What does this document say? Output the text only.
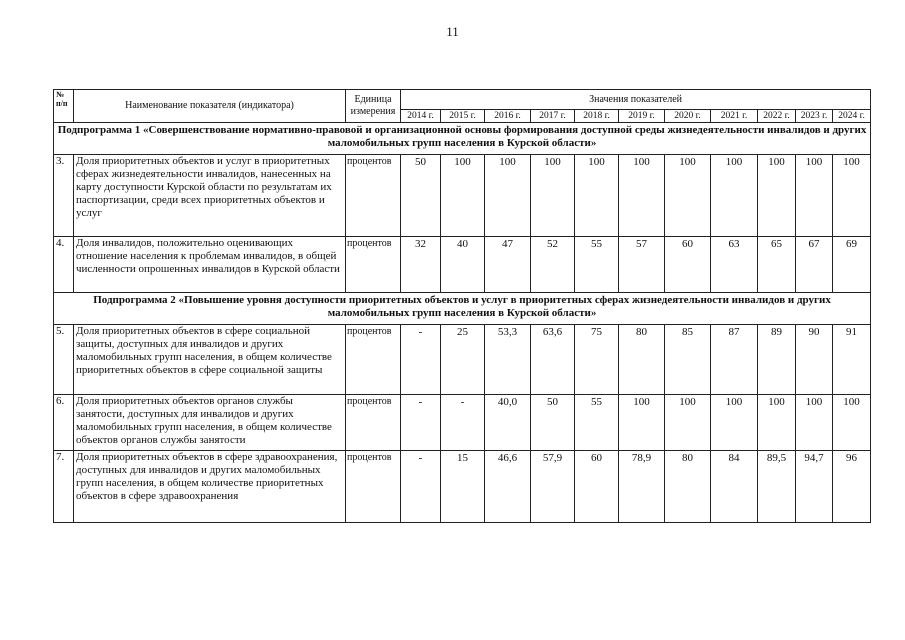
11
№ п/п	Наименование показателя (индикатора)	Единица измерения	Значения показателей										
			2014 г.	2015 г.	2016 г.	2017 г.	2018 г.	2019 г.	2020 г.	2021 г.	2022 г.	2023 г.	2024 г.
Подпрограмма 1 «Совершенствование нормативно-правовой и организационной основы формирования доступной среды жизнедеятельности инвалидов и других маломобильных групп населения в Курской области»													
3.	Доля приоритетных объектов и услуг в приоритетных сферах жизнедеятельности инвалидов, нанесенных на карту доступности Курской области по результатам их паспортизации, среди всех приоритетных объектов и услуг	процентов	50	100	100	100	100	100	100	100	100	100	100
4.	Доля инвалидов, положительно оценивающих отношение населения к проблемам инвалидов, в общей численности опрошенных инвалидов в Курской области	процентов	32	40	47	52	55	57	60	63	65	67	69
Подпрограмма 2 «Повышение уровня доступности приоритетных объектов и услуг в приоритетных сферах жизнедеятельности инвалидов и других маломобильных групп населения в Курской области»													
5.	Доля приоритетных объектов в сфере социальной защиты, доступных для инвалидов и других маломобильных групп населения, в общем количестве приоритетных объектов в сфере социальной защиты	процентов	-	25	53,3	63,6	75	80	85	87	89	90	91
6.	Доля приоритетных объектов органов службы занятости, доступных для инвалидов и других маломобильных групп населения, в общем количестве объектов органов службы занятости	процентов	-	-	40,0	50	55	100	100	100	100	100	100
7.	Доля приоритетных объектов в сфере здравоохранения, доступных для инвалидов и других маломобильных групп населения, в общем количестве приоритетных объектов в сфере здравоохранения	процентов	-	15	46,6	57,9	60	78,9	80	84	89,5	94,7	96
